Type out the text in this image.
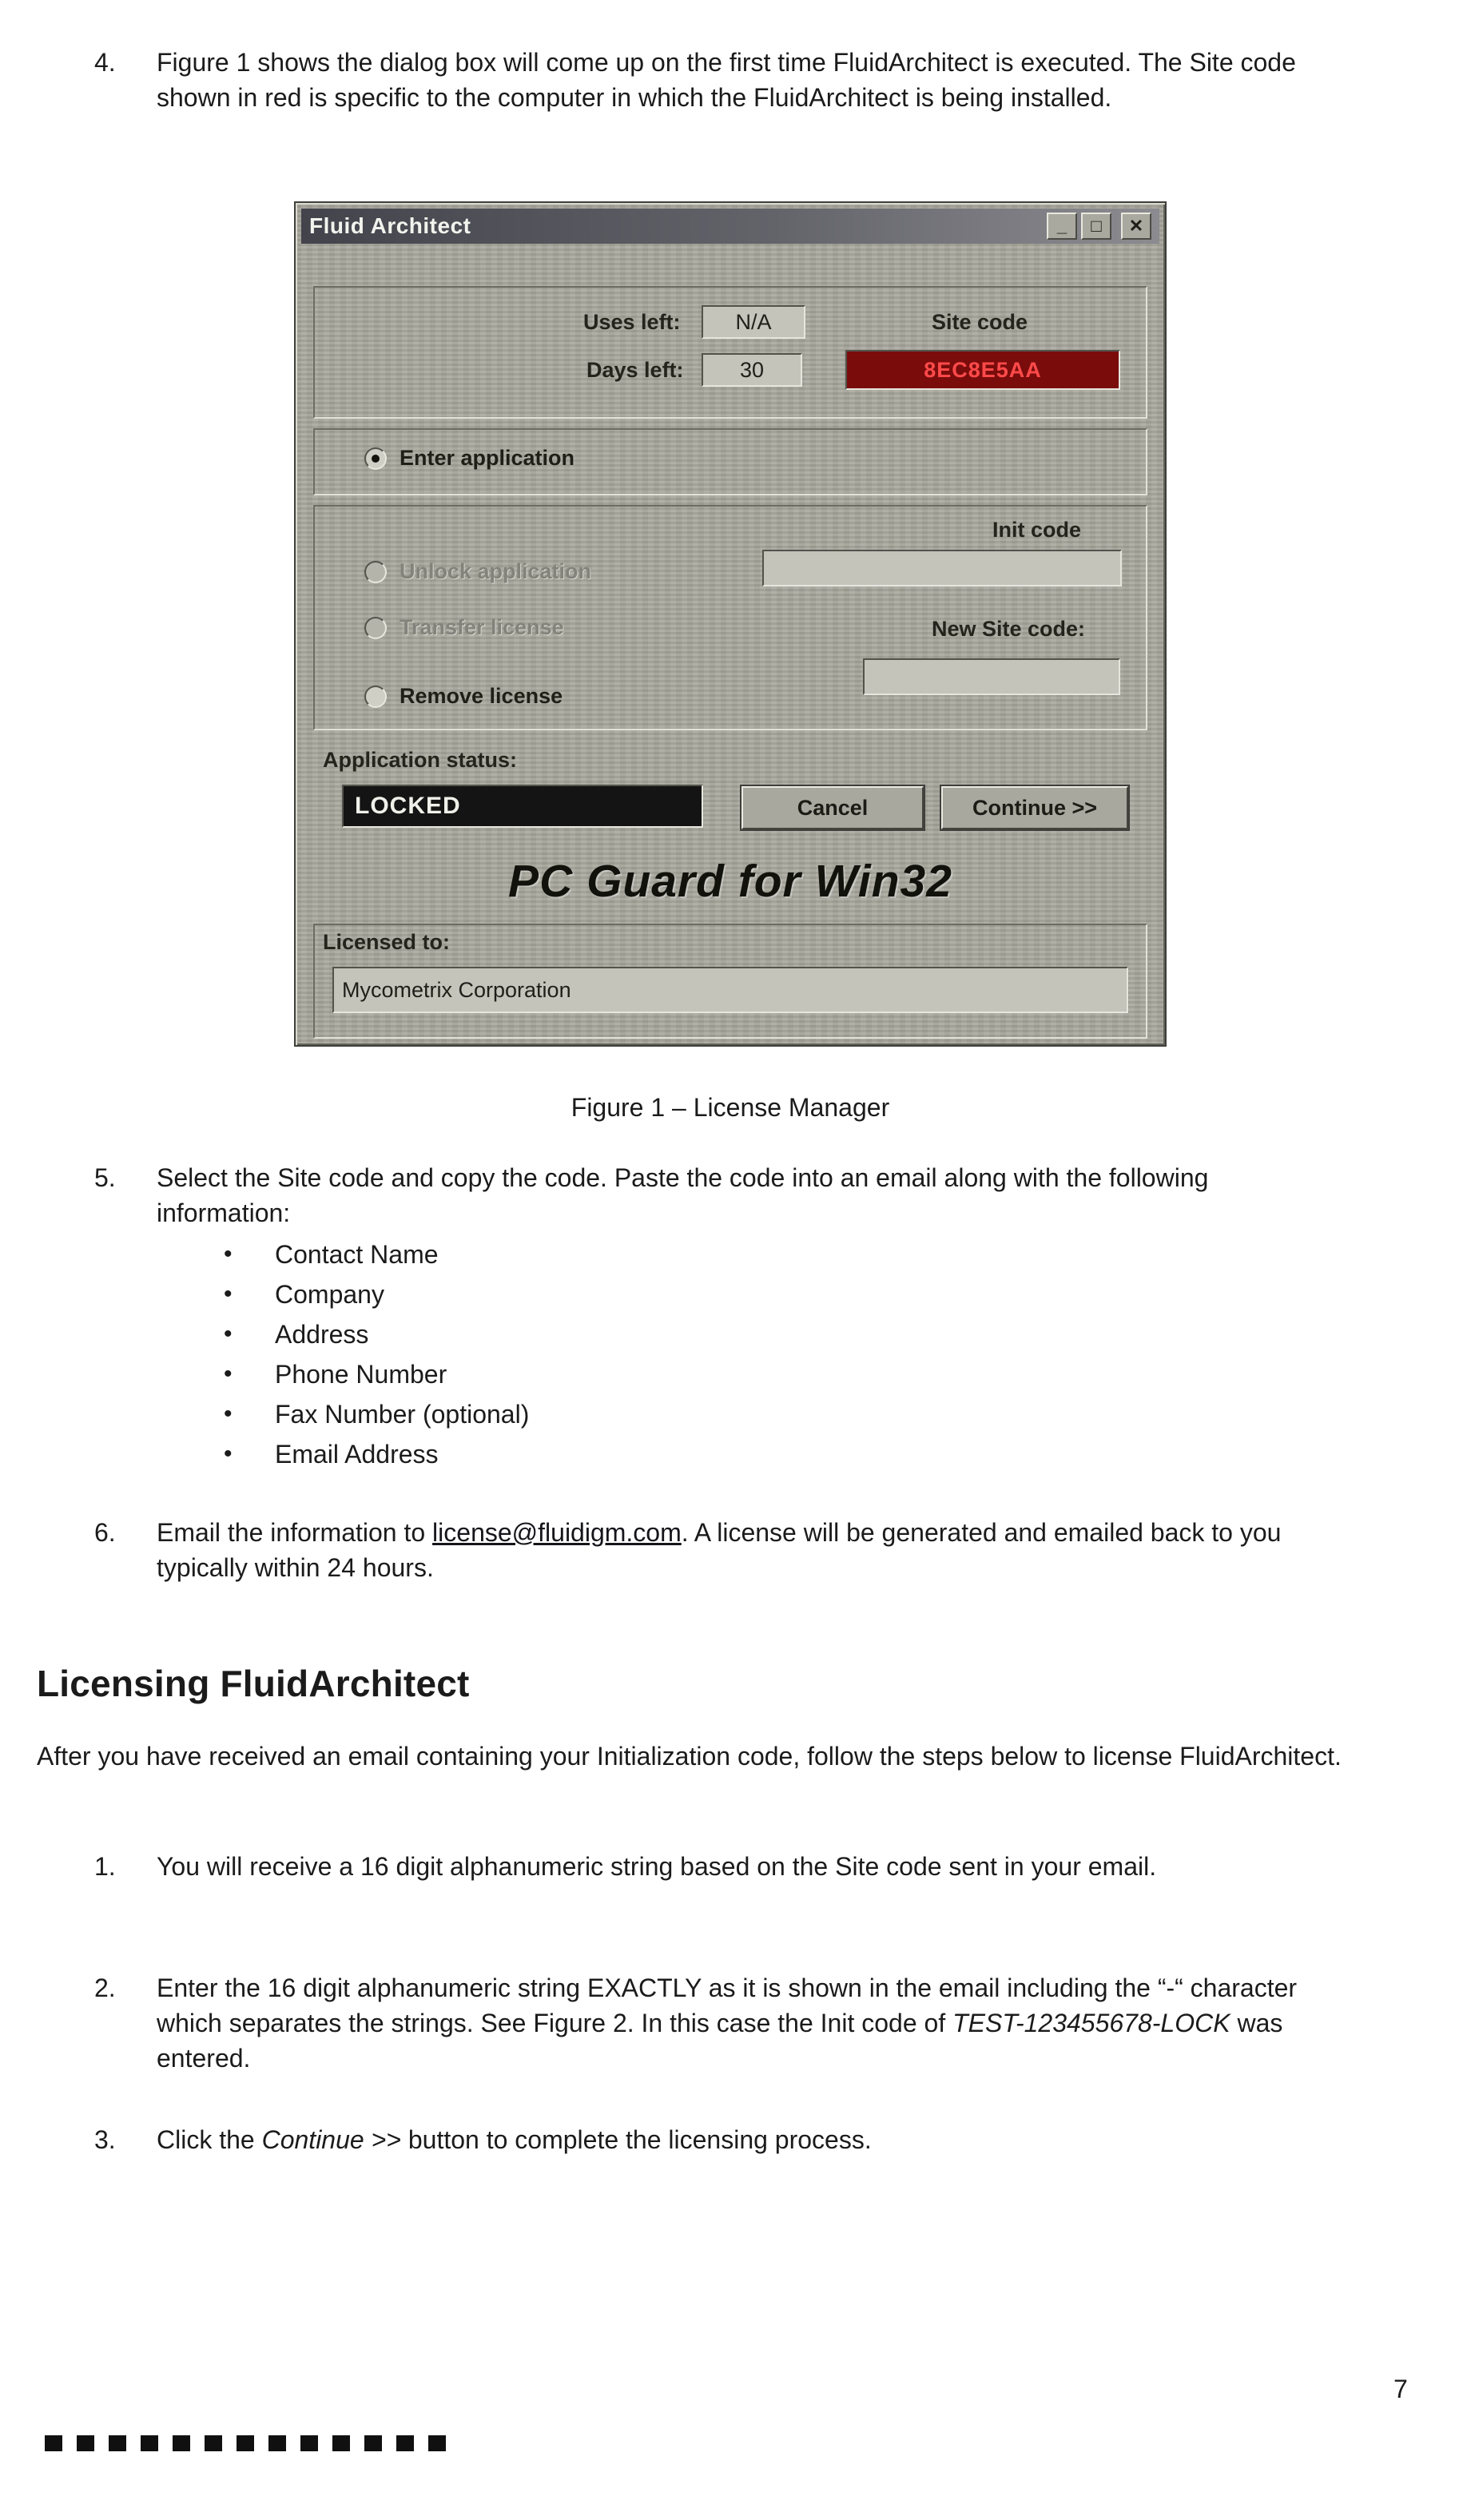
4. Figure 1 shows the dialog box will come up on the first time FluidArchitect is executed. The Site code shown in red is specific to the computer in which the FluidArchitect is being installed.
Fluid Architect	_	□	✕
Uses left:	N/A	Site code
Days left:	30	8EC8E5AA
Enter application
Init code
Unlock application
Transfer license	New Site code:
Remove license
Application status:
LOCKED	Cancel	Continue >>
PC Guard for Win32
Licensed to:
Mycometrix Corporation
Figure 1 – License Manager
5. Select the Site code and copy the code. Paste the code into an email along with the following information:
•	Contact Name
•	Company
•	Address
•	Phone Number
•	Fax Number (optional)
•	Email Address
6. Email the information to license@fluidigm.com. A license will be generated and emailed back to you typically within 24 hours.
Licensing FluidArchitect
After you have received an email containing your Initialization code, follow the steps below to license FluidArchitect.
1. You will receive a 16 digit alphanumeric string based on the Site code sent in your email.
2. Enter the 16 digit alphanumeric string EXACTLY as it is shown in the email including the “-“ character which separates the strings. See Figure 2. In this case the Init code of TEST-123455678-LOCK was entered.
3. Click the Continue >> button to complete the licensing process.
7
